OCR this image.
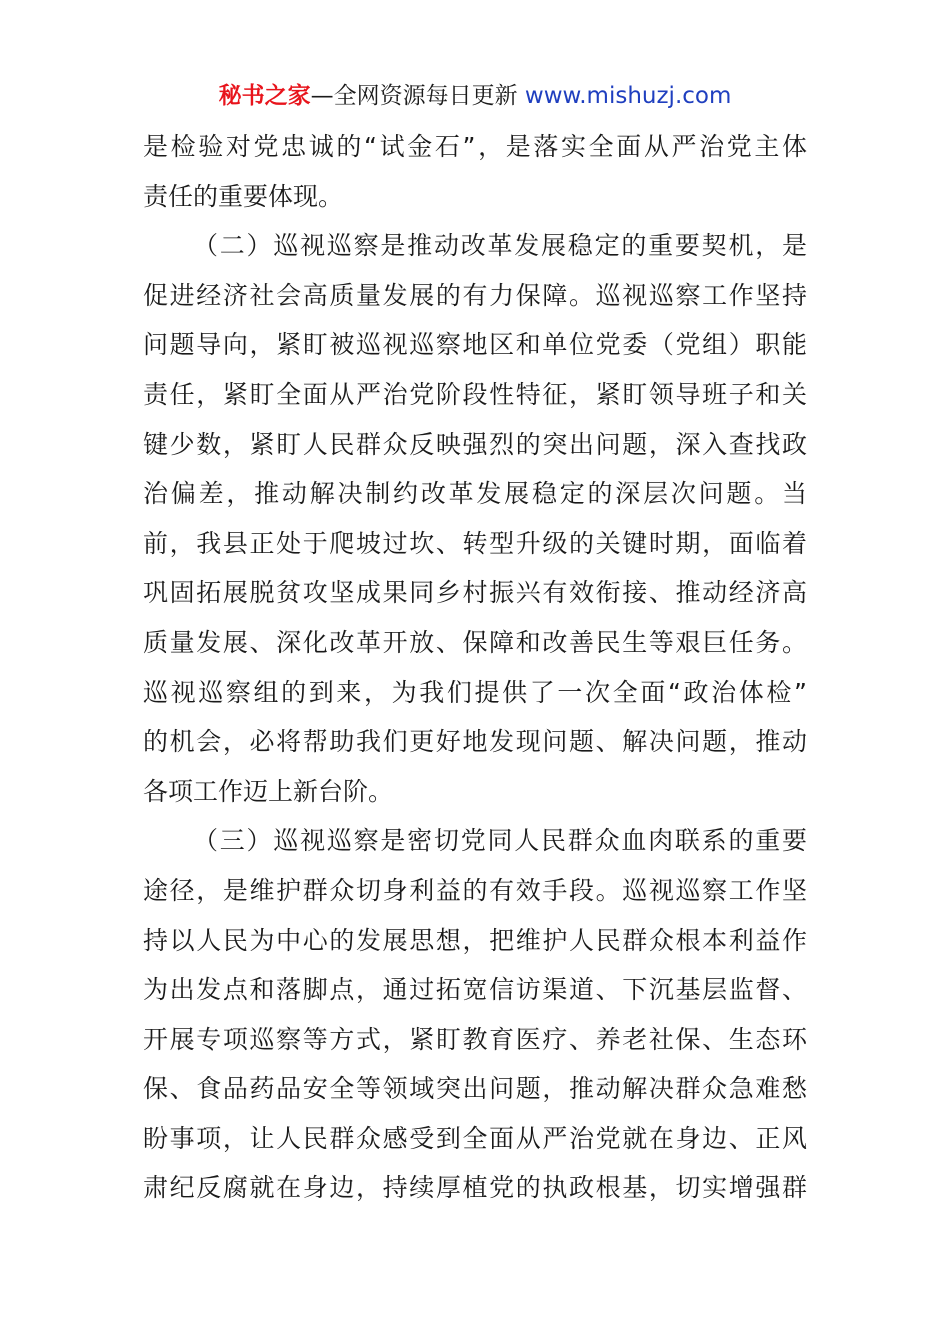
秘书之家—全网资源每日更新 www.mishuzj.com
是检验对党忠诚的“试金石”，是落实全面从严治党主体
责任的重要体现。
（二）巡视巡察是推动改革发展稳定的重要契机，是
促进经济社会高质量发展的有力保障。巡视巡察工作坚持
问题导向，紧盯被巡视巡察地区和单位党委（党组）职能
责任，紧盯全面从严治党阶段性特征，紧盯领导班子和关
键少数，紧盯人民群众反映强烈的突出问题，深入查找政
治偏差，推动解决制约改革发展稳定的深层次问题。当
前，我县正处于爬坡过坎、转型升级的关键时期，面临着
巩固拓展脱贫攻坚成果同乡村振兴有效衔接、推动经济高
质量发展、深化改革开放、保障和改善民生等艰巨任务。
巡视巡察组的到来，为我们提供了一次全面“政治体检”
的机会，必将帮助我们更好地发现问题、解决问题，推动
各项工作迈上新台阶。
（三）巡视巡察是密切党同人民群众血肉联系的重要
途径，是维护群众切身利益的有效手段。巡视巡察工作坚
持以人民为中心的发展思想，把维护人民群众根本利益作
为出发点和落脚点，通过拓宽信访渠道、下沉基层监督、
开展专项巡察等方式，紧盯教育医疗、养老社保、生态环
保、食品药品安全等领域突出问题，推动解决群众急难愁
盼事项，让人民群众感受到全面从严治党就在身边、正风
肃纪反腐就在身边，持续厚植党的执政根基，切实增强群
